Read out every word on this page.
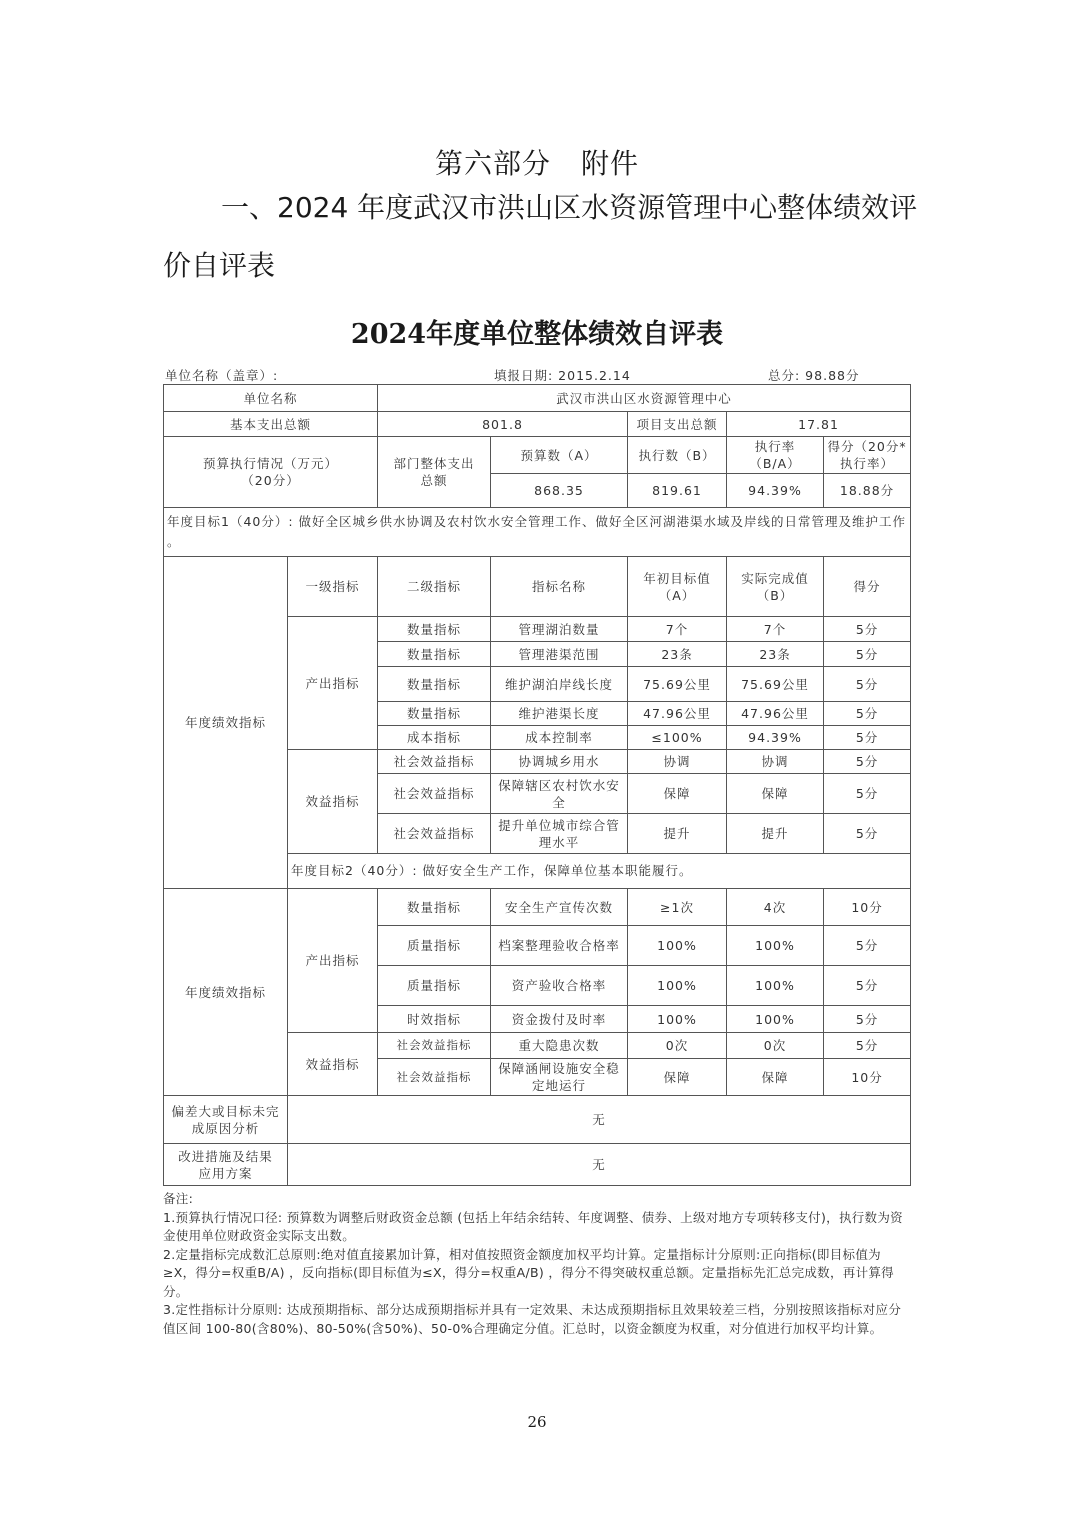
第六部分 附件
一、2024 年度武汉市洪山区水资源管理中心整体绩效评
价自评表
2024年度单位整体绩效自评表
单位名称（盖章）:	填报日期: 2015.2.14	总分: 98.88分
单位名称		武汉市洪山区水资源管理中心				
基本支出总额		801.8		项目支出总额	17.81	
预算执行情况（万元）（20分）		部门整体支出总额	预算数（A）	执行数（B）	执行率（B/A）	得分（20分*执行率）
			868.35	819.61	94.39%	18.88分
年度目标1（40分）: 做好全区城乡供水协调及农村饮水安全管理工作、做好全区河湖港渠水域及岸线的日常管理及维护工作 。						
年度绩效指标	一级指标	二级指标	指标名称	年初目标值（A）	实际完成值（B）	得分
	产出指标	数量指标	管理湖泊数量	7个	7个	5分
		数量指标	管理港渠范围	23条	23条	5分
		数量指标	维护湖泊岸线长度	75.69公里	75.69公里	5分
		数量指标	维护港渠长度	47.96公里	47.96公里	5分
		成本指标	成本控制率	≤100%	94.39%	5分
	效益指标	社会效益指标	协调城乡用水	协调	协调	5分
		社会效益指标	保障辖区农村饮水安全	保障	保障	5分
		社会效益指标	提升单位城市综合管理水平	提升	提升	5分
	年度目标2（40分）: 做好安全生产工作，保障单位基本职能履行。					
年度绩效指标	产出指标	数量指标	安全生产宣传次数	≥1次	4次	10分
		质量指标	档案整理验收合格率	100%	100%	5分
		质量指标	资产验收合格率	100%	100%	5分
		时效指标	资金拨付及时率	100%	100%	5分
	效益指标	社会效益指标	重大隐患次数	0次	0次	5分
		社会效益指标	保障涵闸设施安全稳定地运行	保障	保障	10分
偏差大或目标未完成原因分析	无					
改进措施及结果应用方案	无					
备注:
1.预算执行情况口径: 预算数为调整后财政资金总额 (包括上年结余结转、年度调整、债券、上级对地方专项转移支付)，执行数为资金使用单位财政资金实际支出数。
2.定量指标完成数汇总原则:绝对值直接累加计算，相对值按照资金额度加权平均计算。定量指标计分原则:正向指标(即目标值为≥X，得分=权重B/A) ，反向指标(即目标值为≤X，得分=权重A/B) ，得分不得突破权重总额。定量指标先汇总完成数，再计算得分。
3.定性指标计分原则: 达成预期指标、部分达成预期指标并具有一定效果、未达成预期指标且效果较差三档，分别按照该指标对应分值区间 100-80(含80%)、80-50%(含50%)、50-0%合理确定分值。汇总时，以资金额度为权重，对分值进行加权平均计算。
26
